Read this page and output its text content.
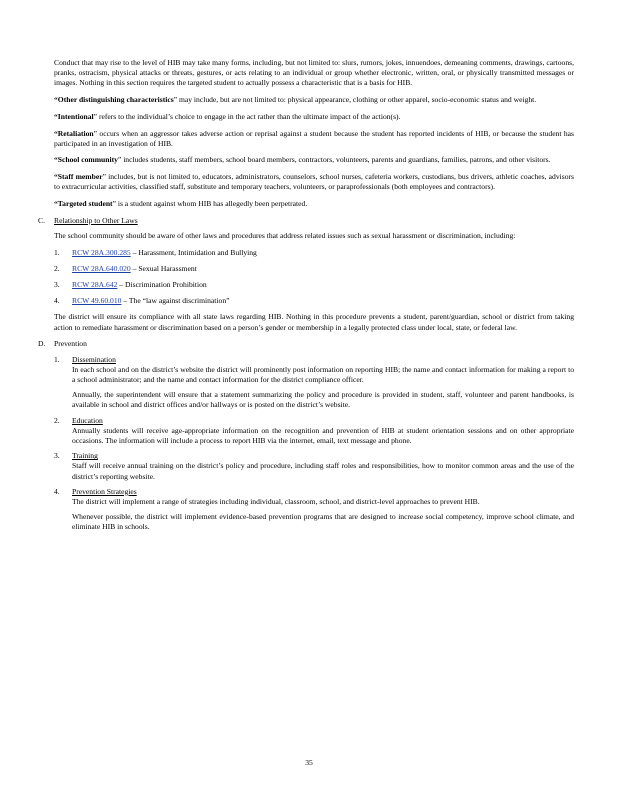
Conduct that may rise to the level of HIB may take many forms, including, but not limited to: slurs, rumors, jokes, innuendoes, demeaning comments, drawings, cartoons, pranks, ostracism, physical attacks or threats, gestures, or acts relating to an individual or group whether electronic, written, oral, or physically transmitted messages or images. Nothing in this section requires the targeted student to actually possess a characteristic that is a basis for HIB.

“Other distinguishing characteristics” may include, but are not limited to: physical appearance, clothing or other apparel, socio-economic status and weight.

“Intentional” refers to the individual’s choice to engage in the act rather than the ultimate impact of the action(s).

“Retaliation” occurs when an aggressor takes adverse action or reprisal against a student because the student has reported incidents of HIB, or because the student has participated in an investigation of HIB.

“School community” includes students, staff members, school board members, contractors, volunteers, parents and guardians, families, patrons, and other visitors.

“Staff member” includes, but is not limited to, educators, administrators, counselors, school nurses, cafeteria workers, custodians, bus drivers, athletic coaches, advisors to extracurricular activities, classified staff, substitute and temporary teachers, volunteers, or paraprofessionals (both employees and contractors).

“Targeted student” is a student against whom HIB has allegedly been perpetrated.

C. Relationship to Other Laws

The school community should be aware of other laws and procedures that address related issues such as sexual harassment or discrimination, including:

1. RCW 28A.300.285 – Harassment, Intimidation and Bullying
2. RCW 28A.640.020 – Sexual Harassment
3. RCW 28A.642 – Discrimination Prohibition
4. RCW 49.60.010 – The “law against discrimination”

The district will ensure its compliance with all state laws regarding HIB. Nothing in this procedure prevents a student, parent/guardian, school or district from taking action to remediate harassment or discrimination based on a person’s gender or membership in a legally protected class under local, state, or federal law.

D. Prevention
1. Dissemination

In each school and on the district’s website the district will prominently post information on reporting HIB; the name and contact information for making a report to a school administrator; and the name and contact information for the district compliance officer.

Annually, the superintendent will ensure that a statement summarizing the policy and procedure is provided in student, staff, volunteer and parent handbooks, is available in school and district offices and/or hallways or is posted on the district’s website.

2. Education

Annually students will receive age-appropriate information on the recognition and prevention of HIB at student orientation sessions and on other appropriate occasions. The information will include a process to report HIB via the internet, email, text message and phone.

3. Training

Staff will receive annual training on the district’s policy and procedure, including staff roles and responsibilities, how to monitor common areas and the use of the district’s reporting website.

4. Prevention Strategies

The district will implement a range of strategies including individual, classroom, school, and district-level approaches to prevent HIB.

Whenever possible, the district will implement evidence-based prevention programs that are designed to increase social competency, improve school climate, and eliminate HIB in schools.

35
